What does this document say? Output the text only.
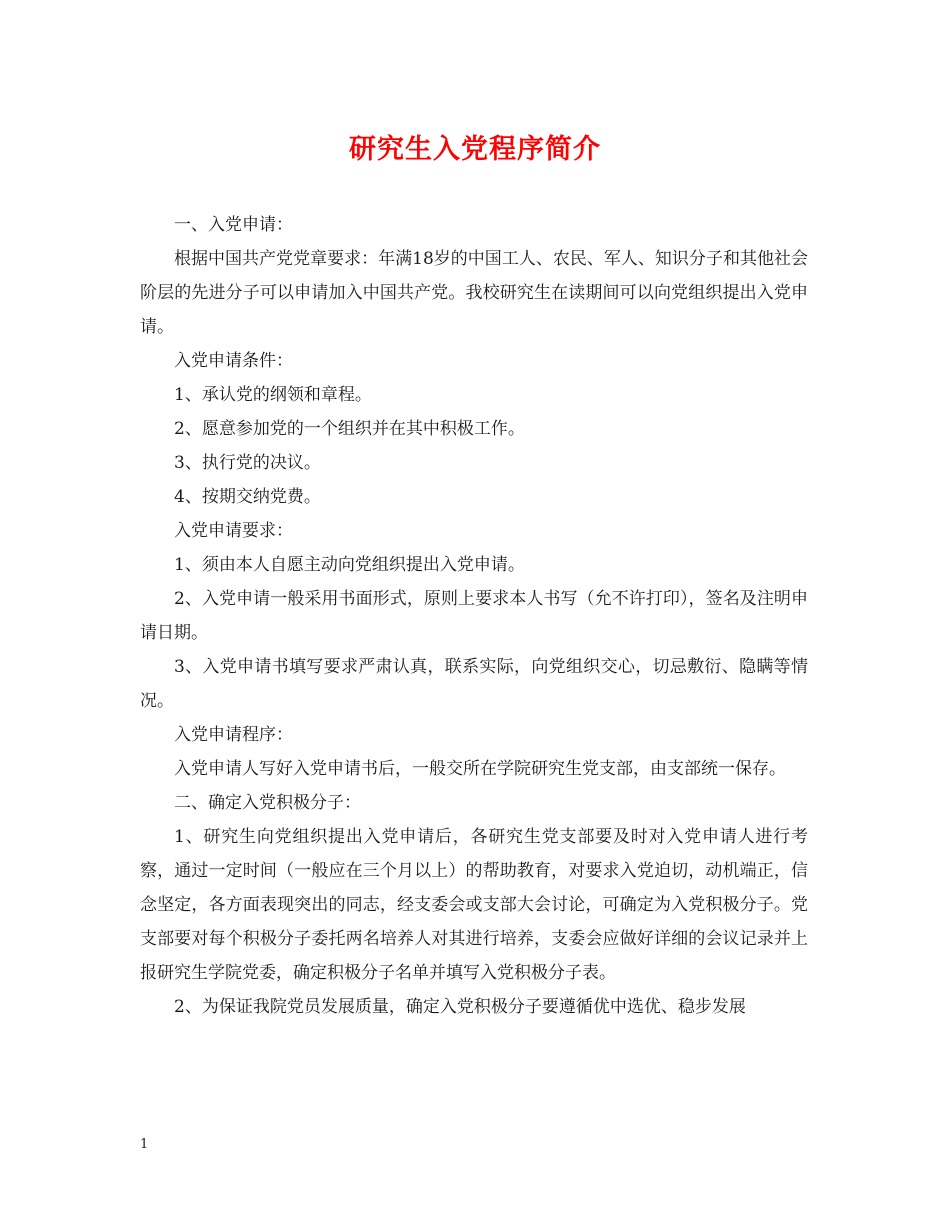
研究生入党程序简介

一、入党申请：

根据中国共产党党章要求：年满18岁的中国工人、农民、军人、知识分子和其他社会阶层的先进分子可以申请加入中国共产党。我校研究生在读期间可以向党组织提出入党申请。

入党申请条件：

1、承认党的纲领和章程。

2、愿意参加党的一个组织并在其中积极工作。

3、执行党的决议。

4、按期交纳党费。

入党申请要求：

1、须由本人自愿主动向党组织提出入党申请。

2、入党申请一般采用书面形式，原则上要求本人书写（允不许打印），签名及注明申请日期。

3、入党申请书填写要求严肃认真，联系实际，向党组织交心，切忌敷衍、隐瞒等情况。

入党申请程序：

入党申请人写好入党申请书后，一般交所在学院研究生党支部，由支部统一保存。

二、确定入党积极分子：

1、研究生向党组织提出入党申请后，各研究生党支部要及时对入党申请人进行考察，通过一定时间（一般应在三个月以上）的帮助教育，对要求入党迫切，动机端正，信念坚定，各方面表现突出的同志，经支委会或支部大会讨论，可确定为入党积极分子。党支部要对每个积极分子委托两名培养人对其进行培养，支委会应做好详细的会议记录并上报研究生学院党委，确定积极分子名单并填写入党积极分子表。

2、为保证我院党员发展质量，确定入党积极分子要遵循优中选优、稳步发展

1
